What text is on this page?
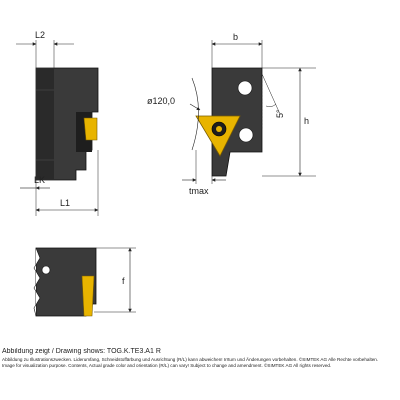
L2
LK
L1
ø120,0
5°
b
h
tmax
f
Abbildung zeigt / Drawing shows: TOG.K.TE3.A1 R
Abbildung zu Illustrationszwecken. Liderumfang, Schneidstoffärbung und Ausrichtung (R/L) kann abweichen! Irrtum und Änderungen vorbehalten. ©SIMTEK AG Alle Rechte vorbehalten.
Image for visualization purpose. Contents, Actual grade color and orientation (R/L) can vary! Subject to change and amendment. ©SIMTEK AG All rights reserved.
